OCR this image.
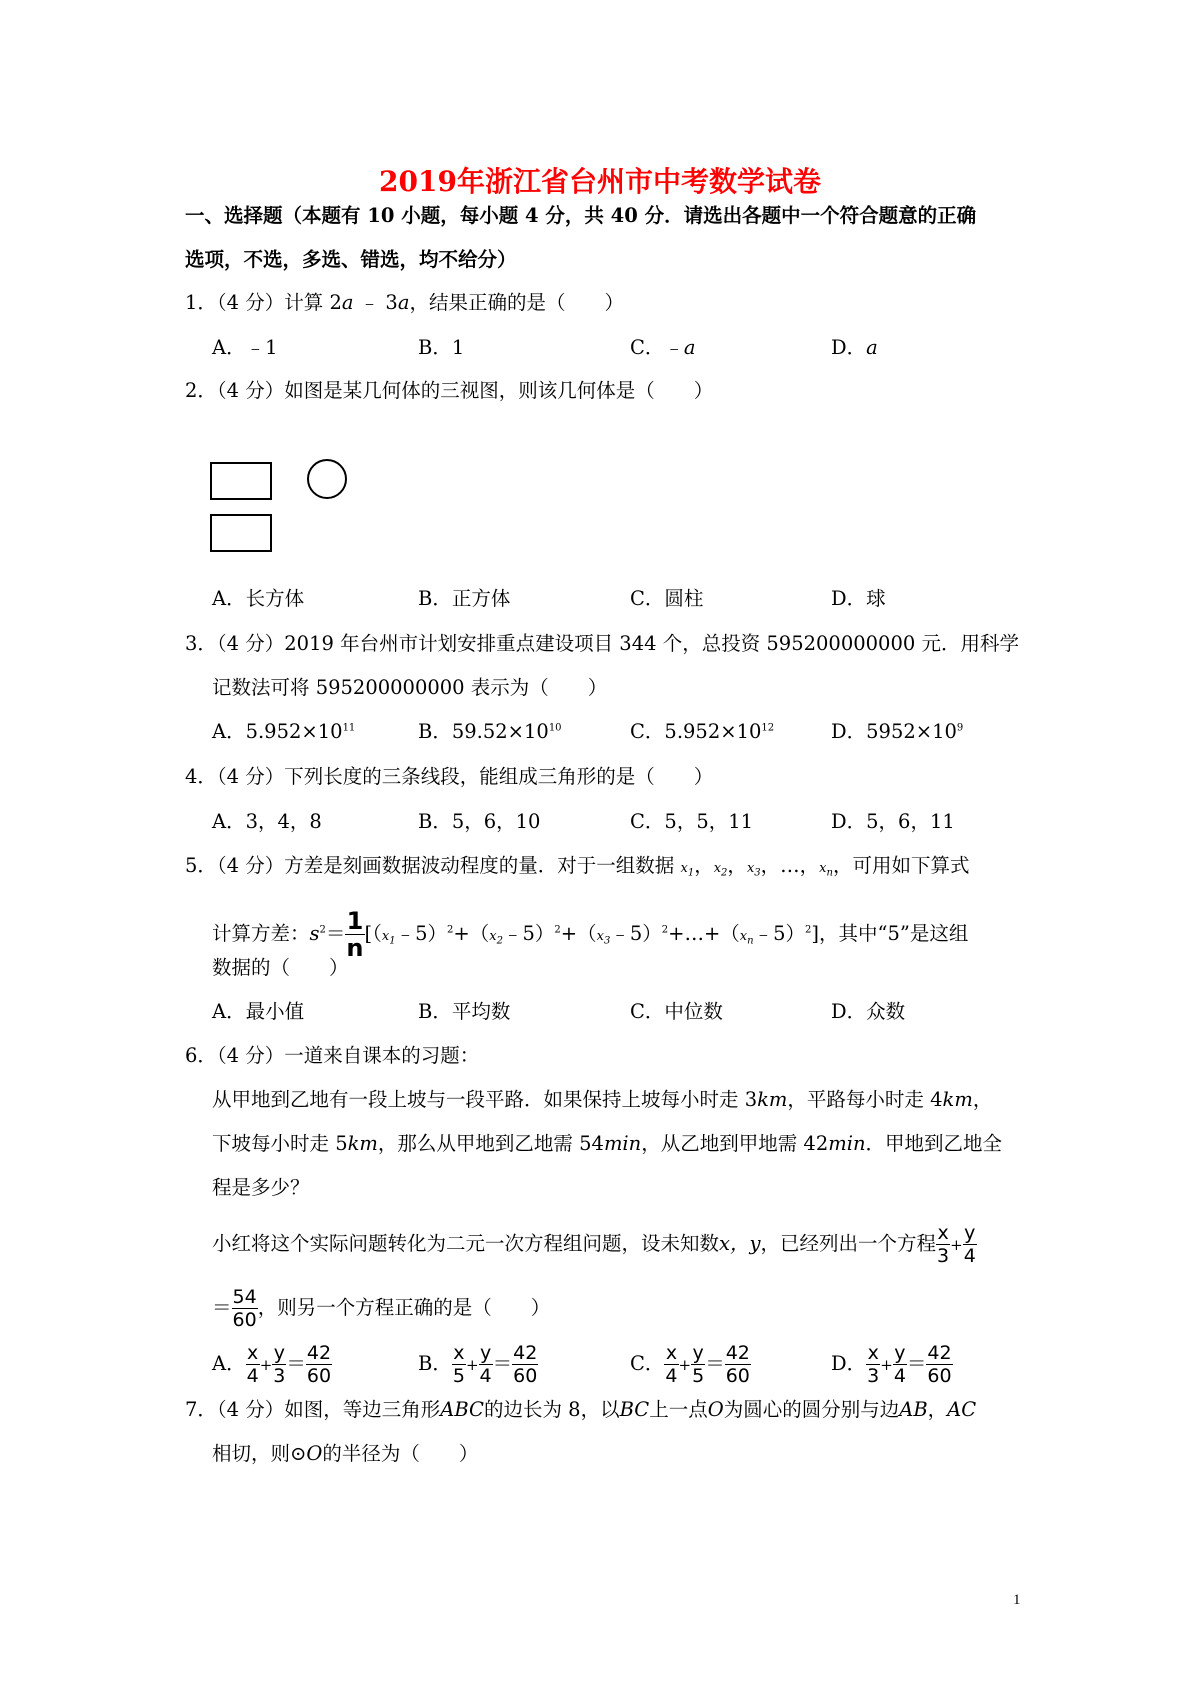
2019年浙江省台州市中考数学试卷
一、选择题（本题有 10 小题，每小题 4 分，共 40 分．请选出各题中一个符合题意的正确
选项，不选，多选、错选，均不给分）
1．（4 分）计算 2a ﹣ 3a，结果正确的是（　　）
A．﹣1	B．1	C．﹣a	D．a
2．（4 分）如图是某几何体的三视图，则该几何体是（　　）
A．长方体	B．正方体	C．圆柱	D．球
3．（4 分）2019 年台州市计划安排重点建设项目 344 个，总投资 595200000000 元．用科学
记数法可将 595200000000 表示为（　　）
A．$5.952\times 10^{11}$	B．$59.52\times 10^{10}$	C．$5.952\times 10^{12}$	D．$5952\times 10^9$
4．（4 分）下列长度的三条线段，能组成三角形的是（　　）
A．3，4，8	B．5，6，10	C．5，5，11	D．5，6，11
5．（4 分）方差是刻画数据波动程度的量．对于一组数据 $x_1$，$x_2$，$x_3$，…，$x_n$，可用如下算式
计算方差：$s^2= \frac{1}{n}$ $[(x_1﹣5)^2+(x_2﹣5)^2+(x_3﹣5)^2+\dots+(x_n﹣5)^2]$，其中“5”是这组
数据的（　　）
A．最小值	B．平均数	C．中位数	D．众数
6．（4 分）一道来自课本的习题：
从甲地到乙地有一段上坡与一段平路．如果保持上坡每小时走 3km，平路每小时走 4km，
下坡每小时走 5km，那么从甲地到乙地需 54min，从乙地到甲地需 42min．甲地到乙地全
程是多少？
小红将这个实际问题转化为二元一次方程组问题，设未知数x，y，已经列出一个方程 $\frac{x}{3} + \frac{y}{4}$
＝ $\frac{54}{60}$ ，则另一个方程正确的是（　　）
A． $\frac{x}{4} + \frac{y}{3} = \frac{42}{60}$	B． $\frac{x}{5} + \frac{y}{4} = \frac{42}{60}$	C． $\frac{x}{4} + \frac{y}{5} = \frac{42}{60}$	D． $\frac{x}{3} + \frac{y}{4} = \frac{42}{60}$
7．（4 分）如图，等边三角形ABC的边长为 8，以BC上一点O为圆心的圆分别与边AB，AC
相切，则⊙O的半径为（　　）
1
